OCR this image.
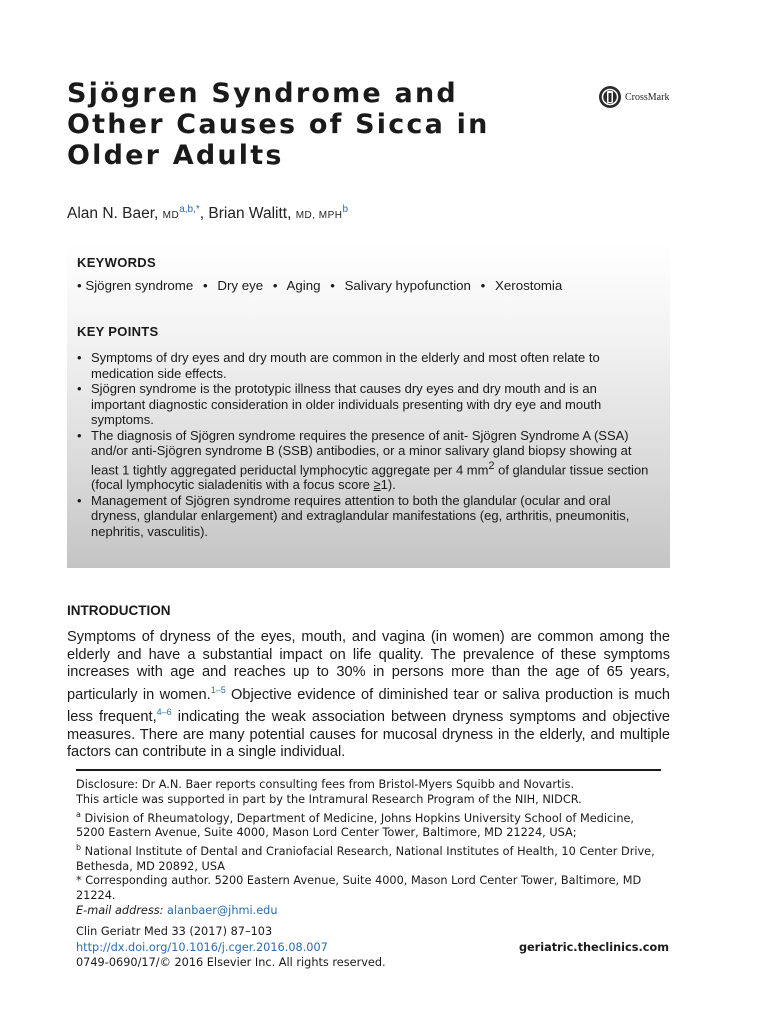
Sjögren Syndrome and
Other Causes of Sicca in
Older Adults
CrossMark
Alan N. Baer, $MD^{a,b,*}$, Brian Walitt, MD, MPH$^b$
KEYWORDS
• Sjögren syndrome • Dry eye • Aging • Salivary hypofunction • Xerostomia
KEY POINTS
• Symptoms of dry eyes and dry mouth are common in the elderly and most often relate to medication side effects.
• Sjögren syndrome is the prototypic illness that causes dry eyes and dry mouth and is an important diagnostic consideration in older individuals presenting with dry eye and mouth symptoms.
• The diagnosis of Sjögren syndrome requires the presence of anit- Sjögren Syndrome A (SSA) and/or anti-Sjögren syndrome B (SSB) antibodies, or a minor salivary gland biopsy showing at least 1 tightly aggregated periductal lymphocytic aggregate per 4 $mm^2$ of glandular tissue section (focal lymphocytic sialadenitis with a focus score ≥1).
• Management of Sjögren syndrome requires attention to both the glandular (ocular and oral dryness, glandular enlargement) and extraglandular manifestations (eg, arthritis, pneumonitis, nephritis, vasculitis).
INTRODUCTION

Symptoms of dryness of the eyes, mouth, and vagina (in women) are common among the elderly and have a substantial impact on life quality. The prevalence of these symptoms increases with age and reaches up to 30% in persons more than the age of 65 years, particularly in women.$^{1-5}$ Objective evidence of diminished tear or saliva production is much less frequent,$^{4-6}$ indicating the weak association between dryness symptoms and objective measures. There are many potential causes for mucosal dryness in the elderly, and multiple factors can contribute in a single individual.

Disclosure: Dr A.N. Baer reports consulting fees from Bristol-Myers Squibb and Novartis.

This article was supported in part by the Intramural Research Program of the NIH, NIDCR.

$^a$ Division of Rheumatology, Department of Medicine, Johns Hopkins University School of Medicine, 5200 Eastern Avenue, Suite 4000, Mason Lord Center Tower, Baltimore, MD 21224, USA;

$^b$ National Institute of Dental and Craniofacial Research, National Institutes of Health, 10 Center Drive, Bethesda, MD 20892, USA

* Corresponding author. 5200 Eastern Avenue, Suite 4000, Mason Lord Center Tower, Baltimore, MD 21224.

E-mail address: alanbaer@jhmi.edu

Clin Geriatr Med 33 (2017) 87–103

http://dx.doi.org/10.1016/j.cger.2016.08.007

0749-0690/17/© 2016 Elsevier Inc. All rights reserved.

geriatric.theclinics.com
